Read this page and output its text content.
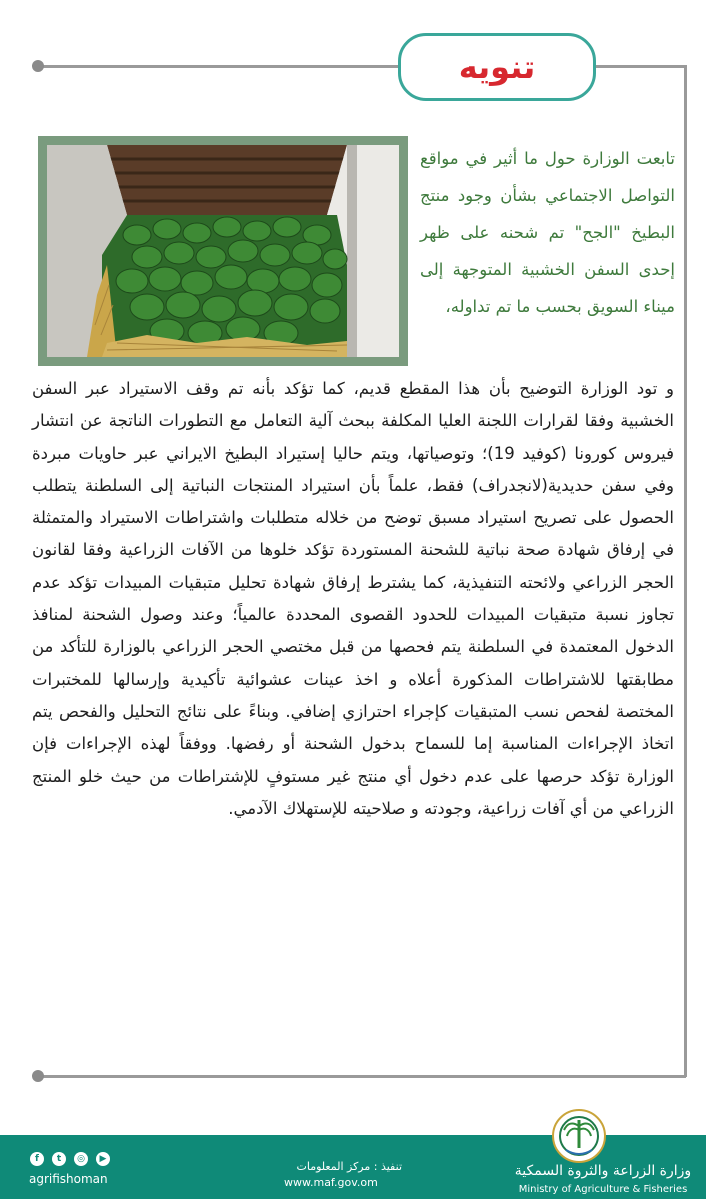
تنويه
تابعت الوزارة حول ما أثير في مواقع التواصل الاجتماعي بشأن وجود منتج البطيخ "الجح" تم شحنه على ظهر إحدى السفن الخشبية المتوجهة إلى ميناء السويق بحسب ما تم تداوله،
و تود الوزارة التوضيح بأن هذا المقطع قديم، كما تؤكد بأنه تم وقف الاستيراد عبر السفن الخشبية وفقا لقرارات اللجنة العليا المكلفة ببحث آلية التعامل مع التطورات الناتجة عن انتشار فيروس كورونا (كوفيد 19)؛ وتوصياتها، ويتم حاليا إستيراد البطيخ الايراني عبر حاويات مبردة وفي سفن حديدية(لانجدراف) فقط، علماً بأن استيراد المنتجات النباتية إلى السلطنة يتطلب الحصول على تصريح استيراد مسبق توضح من خلاله متطلبات واشتراطات الاستيراد والمتمثلة في إرفاق شهادة صحة نباتية للشحنة المستوردة تؤكد خلوها من الآفات الزراعية وفقا لقانون الحجر الزراعي ولائحته التنفيذية، كما يشترط إرفاق شهادة تحليل متبقيات المبيدات تؤكد عدم تجاوز نسبة متبقيات المبيدات للحدود القصوى المحددة عالمياً؛ وعند وصول الشحنة لمنافذ الدخول المعتمدة في السلطنة يتم فحصها من قبل مختصي الحجر الزراعي بالوزارة للتأكد من مطابقتها للاشتراطات المذكورة أعلاه و اخذ عينات عشوائية تأكيدية وإرسالها للمختبرات المختصة لفحص نسب المتبقيات كإجراء احترازي إضافي. وبناءً على نتائج التحليل والفحص يتم اتخاذ الإجراءات المناسبة إما للسماح بدخول الشحنة أو رفضها. ووفقاً لهذه الإجراءات فإن الوزارة تؤكد حرصها على عدم دخول أي منتج غير مستوفٍ للإشتراطات من حيث خلو المنتج الزراعي من أي آفات زراعية، وجودته و صلاحيته للإستهلاك الآدمي.
f	t	◎	▶
agrifishoman
تنفيذ : مركز المعلومات
www.maf.gov.om
وزارة الزراعة والثروة السمكية
Ministry of Agriculture & Fisheries
